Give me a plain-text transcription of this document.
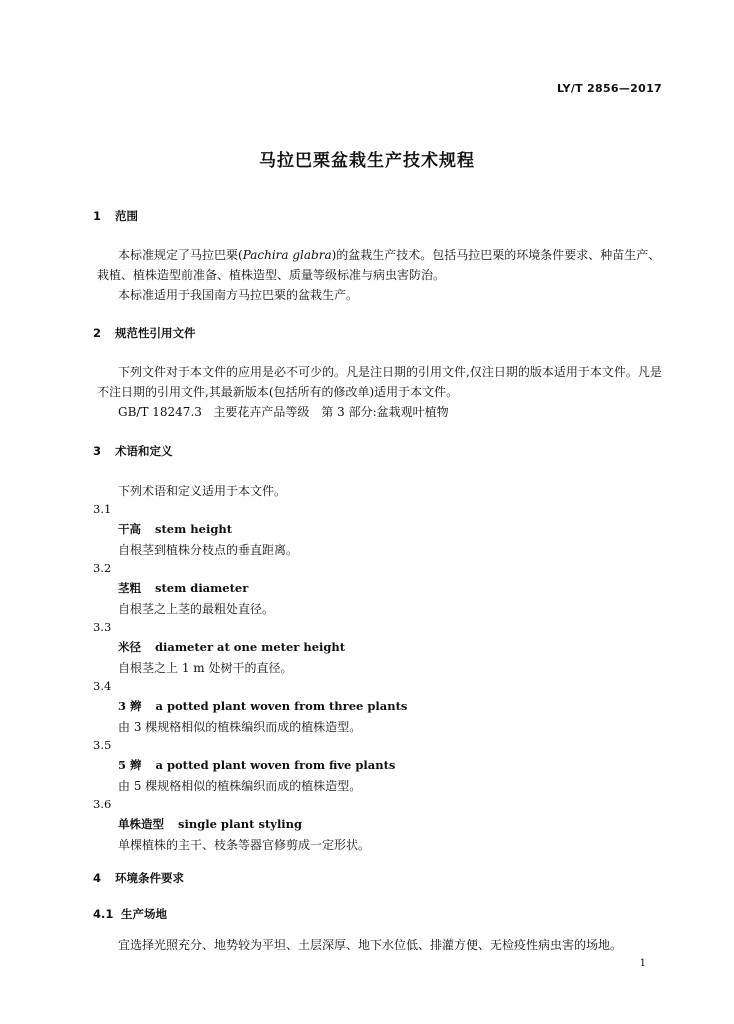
LY/T 2856—2017
马拉巴栗盆栽生产技术规程
1 范围
本标准规定了马拉巴栗(Pachira glabra)的盆栽生产技术。包括马拉巴栗的环境条件要求、种苗生产、栽植、植株造型前准备、植株造型、质量等级标准与病虫害防治。
本标准适用于我国南方马拉巴栗的盆栽生产。
2 规范性引用文件
下列文件对于本文件的应用是必不可少的。凡是注日期的引用文件,仅注日期的版本适用于本文件。凡是不注日期的引用文件,其最新版本(包括所有的修改单)适用于本文件。
GB/T 18247.3 主要花卉产品等级　第 3 部分:盆栽观叶植物
3 术语和定义
下列术语和定义适用于本文件。
3.1
干高 stem height
自根茎到植株分枝点的垂直距离。
3.2
茎粗 stem diameter
自根茎之上茎的最粗处直径。
3.3
米径 diameter at one meter height
自根茎之上 1 m 处树干的直径。
3.4
3 辫 a potted plant woven from three plants
由 3 棵规格相似的植株编织而成的植株造型。
3.5
5 辫 a potted plant woven from five plants
由 5 棵规格相似的植株编织而成的植株造型。
3.6
单株造型 single plant styling
单棵植株的主干、枝条等器官修剪成一定形状。
4 环境条件要求
4.1 生产场地
宜选择光照充分、地势较为平坦、土层深厚、地下水位低、排灌方便、无检疫性病虫害的场地。
1
